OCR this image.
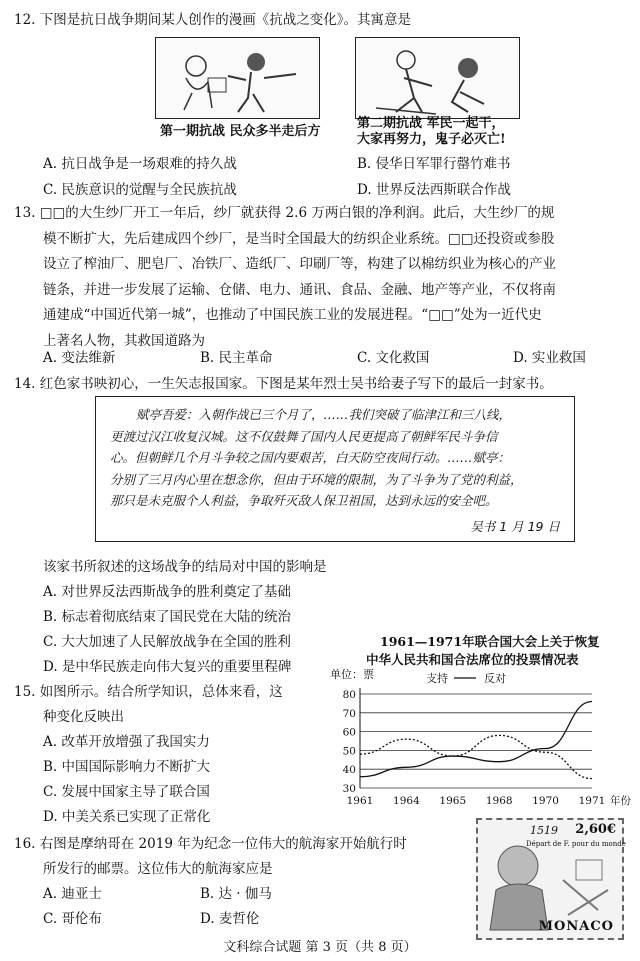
12. 下图是抗日战争期间某人创作的漫画《抗战之变化》。其寓意是
第一期抗战 民众多半走后方
第二期抗战 军民一起干，
大家再努力，鬼子必灭亡!
A. 抗日战争是一场艰难的持久战	B. 侵华日军罪行罄竹难书
C. 民族意识的觉醒与全民族抗战	D. 世界反法西斯联合作战
13. □□的大生纱厂开工一年后，纱厂就获得 2.6 万两白银的净利润。此后，大生纱厂的规
模不断扩大，先后建成四个纱厂，是当时全国最大的纺织企业系统。□□还投资或参股
设立了榨油厂、肥皂厂、冶铁厂、造纸厂、印刷厂等，构建了以棉纺织业为核心的产业
链条，并进一步发展了运输、仓储、电力、通讯、食品、金融、地产等产业，不仅将南
通建成“中国近代第一城”，也推动了中国民族工业的发展进程。“□□”处为一近代史
上著名人物，其救国道路为
A. 变法维新	B. 民主革命	C. 文化救国	D. 实业救国
14. 红色家书映初心，一生矢志报国家。下图是某年烈士吴书给妻子写下的最后一封家书。
赋亭吾爱：入朝作战已三个月了，……我们突破了临津江和三八线，
更渡过汉江收复汉城。这不仅鼓舞了国内人民更提高了朝鲜军民斗争信
心。但朝鲜几个月斗争较之国内要艰苦，白天防空夜间行动。……赋亭：
分别了三月内心里在想念你，但由于环境的限制，为了斗争为了党的利益，
那只是未克服个人利益，争取歼灭敌人保卫祖国，达到永远的安全吧。
吴书 1 月 19 日
该家书所叙述的这场战争的结局对中国的影响是
A. 对世界反法西斯战争的胜利奠定了基础
B. 标志着彻底结束了国民党在大陆的统治
C. 大大加速了人民解放战争在全国的胜利
D. 是中华民族走向伟大复兴的重要里程碑
15. 如图所示。结合所学知识，总体来看，这
种变化反映出
A. 改革开放增强了我国实力
B. 中国国际影响力不断扩大
C. 发展中国家主导了联合国
D. 中美关系已实现了正常化
1961—1971年联合国大会上关于恢复
中华人民共和国合法席位的投票情况表
单位：票	支持	反对
30
40
50
60
70
80
1961 1964 1965 1968 1970 1971 年份
16. 右图是摩纳哥在 2019 年为纪念一位伟大的航海家开始航行时
所发行的邮票。这位伟大的航海家应是
A. 迪亚士	B. 达 · 伽马
C. 哥伦布	D. 麦哲伦
1519 2,60€
Départ de F. pour du monde
MONACO
文科综合试题 第 3 页（共 8 页）
